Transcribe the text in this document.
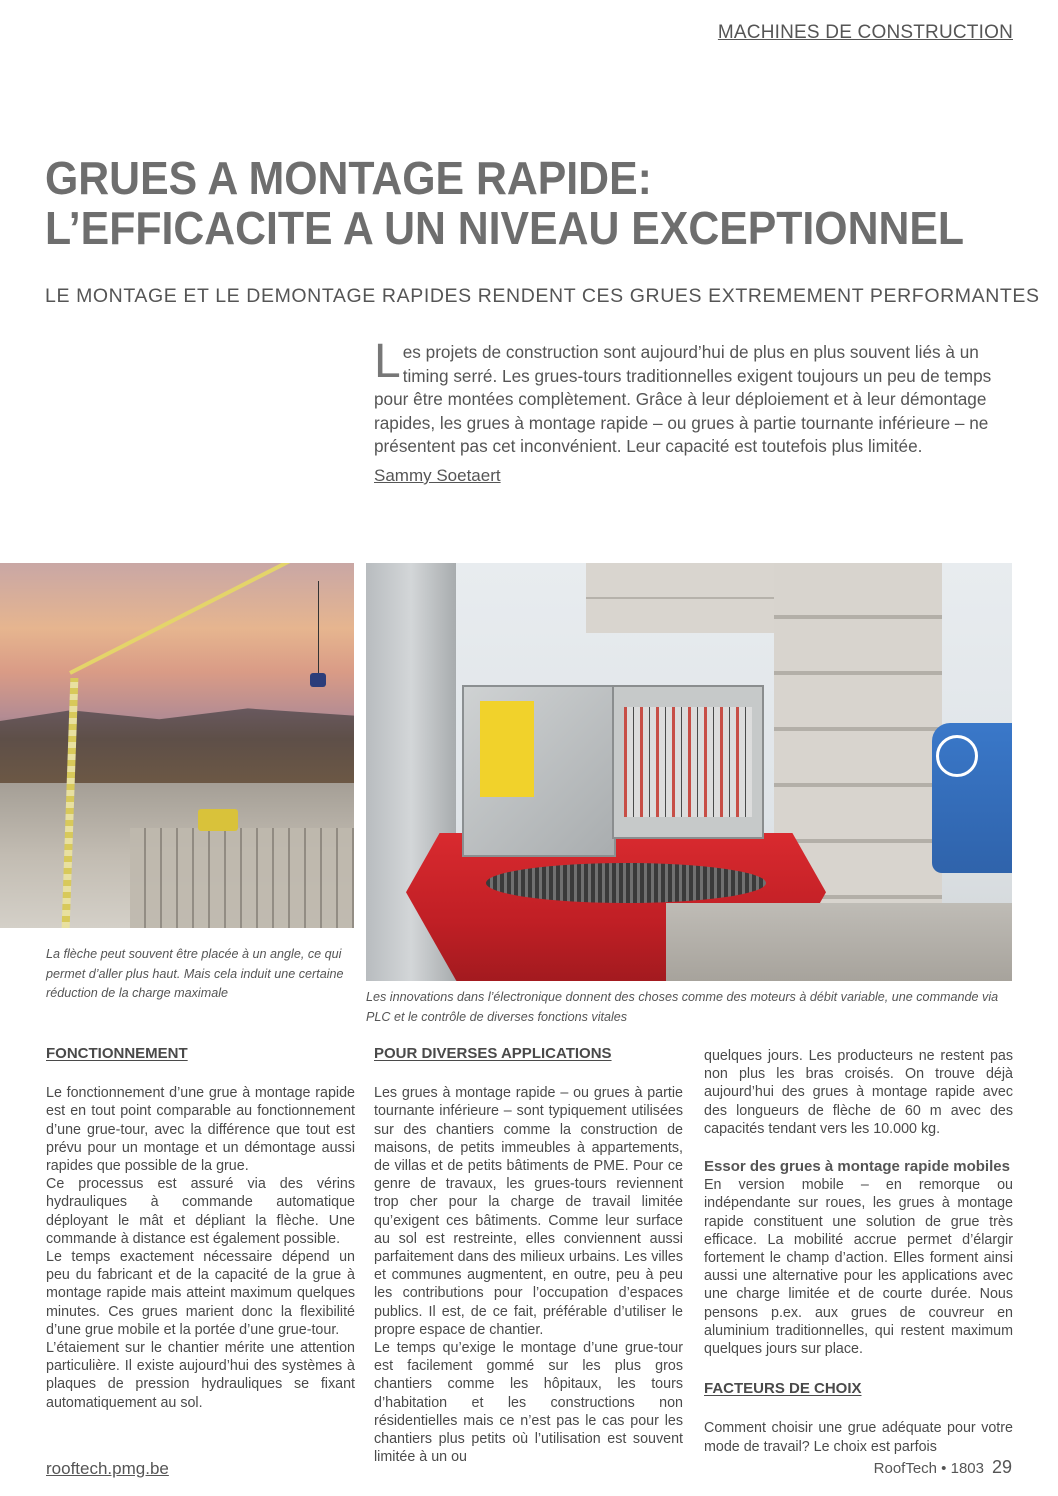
MACHINES DE CONSTRUCTION
GRUES A MONTAGE RAPIDE:
L’EFFICACITE A UN NIVEAU EXCEPTIONNEL
LE MONTAGE ET LE DEMONTAGE RAPIDES RENDENT CES GRUES EXTREMEMENT PERFORMANTES
Les projets de construction sont aujourd’hui de plus en plus souvent liés à un timing serré. Les grues-tours traditionnelles exigent toujours un peu de temps pour être montées complètement. Grâce à leur déploiement et à leur démontage rapides, les grues à montage rapide – ou grues à partie tournante inférieure – ne présentent pas cet inconvénient. Leur capacité est toutefois plus limitée.
Sammy Soetaert
La flèche peut souvent être placée à un angle, ce qui permet d’aller plus haut. Mais cela induit une certaine réduction de la charge maximale	Les innovations dans l’électronique donnent des choses comme des moteurs à débit variable, une commande via PLC et le contrôle de diverses fonctions vitales
FONCTIONNEMENT

Le fonctionnement d’une grue à montage rapide est en tout point comparable au fonctionnement d’une grue-tour, avec la différence que tout est prévu pour un montage et un démontage aussi rapides que possible de la grue.

Ce processus est assuré via des vérins hydrauliques à commande automatique déployant le mât et dépliant la flèche. Une commande à distance est également possible.

Le temps exactement nécessaire dépend un peu du fabricant et de la capacité de la grue à montage rapide mais atteint maximum quelques minutes. Ces grues marient donc la flexibilité d’une grue mobile et la portée d’une grue-tour.

L’étaiement sur le chantier mérite une attention particulière. Il existe aujourd’hui des systèmes à plaques de pression hydrauliques se fixant automatiquement au sol.

POUR DIVERSES APPLICATIONS

Les grues à montage rapide – ou grues à partie tournante inférieure – sont typiquement utilisées sur des chantiers comme la construction de maisons, de petits immeubles à appartements, de villas et de petits bâtiments de PME. Pour ce genre de travaux, les grues-tours reviennent trop cher pour la charge de travail limitée qu’exigent ces bâtiments. Comme leur surface au sol est restreinte, elles conviennent aussi parfaitement dans des milieux urbains. Les villes et communes augmentent, en outre, peu à peu les contributions pour l’occupation d’espaces publics. Il est, de ce fait, préférable d’utiliser le propre espace de chantier.

Le temps qu’exige le montage d’une grue-tour est facilement gommé sur les plus gros chantiers comme les hôpitaux, les tours d’habitation et les constructions non résidentielles mais ce n’est pas le cas pour les chantiers plus petits où l’utilisation est souvent limitée à un ou

quelques jours. Les producteurs ne restent pas non plus les bras croisés. On trouve déjà aujourd’hui des grues à montage rapide avec des longueurs de flèche de 60 m avec des capacités tendant vers les 10.000 kg.

Essor des grues à montage rapide mobiles

En version mobile – en remorque ou indépendante sur roues, les grues à montage rapide constituent une solution de grue très efficace. La mobilité accrue permet d’élargir fortement le champ d’action. Elles forment ainsi aussi une alternative pour les applications avec une charge limitée et de courte durée. Nous pensons p.ex. aux grues de couvreur en aluminium traditionnelles, qui restent maximum quelques jours sur place.

FACTEURS DE CHOIX

Comment choisir une grue adéquate pour votre mode de travail? Le choix est parfois

rooftech.pmg.be	RoofTech • 1803 29
